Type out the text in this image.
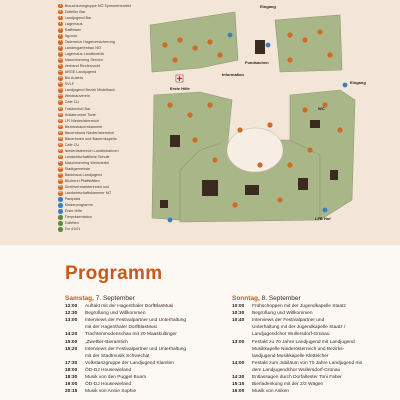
1 Brauchtumsgruppe NÖ Symmetrieartist
2 Zotteller Bar
3 Landjugend Bar
4 Lagerhaus
5 Raiffeisen
6 Agrana
7 Österreich Hagelversicherung
8 Landesgartenbau NÖ
9 Lagerhaus Landtechnik
10 Maschinenring Service
11 Verband Rinderzucht
12 ARGE Landjugend
13 Bio Austria
14 SVLF
15 Landjugend Bezirk Mistelbach
16 Weinbauverein
17 Cafe CU
18 Traktorclub Bar
19 Hollabrunner Torte
20 LFI Niederösterreich
21 Bezirksbauernkammer
22 Bauernbund Niederösterreich
23 Bäuerinnen und Bauernkapelle
24 Cafe CU
25 Niederösterreich Landesbahnen
26 Landwirtschaftliche Schule
27 Maschinenring Weinviertel
28 Stadtgemeinde
29 Bankhaus Landjugend
30 Bücherei Pfaffstätten
31 Direktvermarkterinnen und
32 Landwirtschaftskammer NÖ
Parkplatz
Kinderprogramm
Erste Hilfe
Tierpräsentation
Toiletten
Tor 41/01
Eingang
Eingang
Erste Hilfe
Information
Fundsachen
WC
LFB Hof
Programm
Samstag, 7. September	Sonntag, 8. September
12:00 Auftakt mit der Hagenthaler DorfBlasMusi
12:30 Begrüßung und Willkommen
13:00 Interviews der Festivalpartner und Unterhaltung
mit der Hagenthaler DorfBlasMusi
14:20 Trachtenmodenschau mit 20 Maaskultinger
15:00 „Zwettler-Bierarstich
15:20 Interviews der Festivalpartner und Unterhaltung
mit der Stadtmusik Schwechat
17:30 Volkstanzgruppe der Landjugend Klamlen
18:00 ÖD-DJ Housewieland
18:30 Musik von den Puggel Buam
19:00 ÖD-DJ Housewieland
20:15 Musik von Annie Sophie
10:00 Frühschoppen mit der Jugendkapelle Staatz
10:30 Begrüßung und Willkommen
10:40 Interviews der Festivalpartner und
Unterhaltung mit der Jugendkapelle Staatz /
Landjugendchor Wullersdorf-Grünau
13:00 Festakt zu 70 Jahre Landjugend mit Landjugend
Musikkapelle Niederösterreich und Bezirks-
landjugend Musikkapelle Klettelcher
14:00 Festakt zum Jubiläum von 70 Jahre Landjugend mit
dem Landjugendchor Wullersdorf-Grünau
14:30 Entlassagen durch Dorfaltester Toni Faber
15:15 Bierladenkung mit der 2/2 Wägen
16:00 Musik von Asiken
